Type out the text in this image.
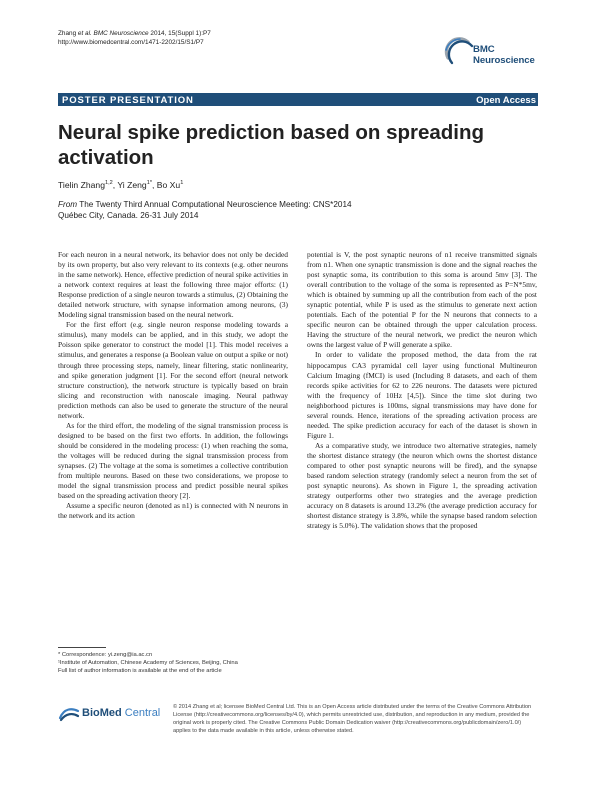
Zhang et al. BMC Neuroscience 2014, 15(Suppl 1):P7
http://www.biomedcentral.com/1471-2202/15/S1/P7
BMC
Neuroscience
POSTER PRESENTATION	Open Access
Neural spike prediction based on spreading activation
Tielin Zhang$^{1,2}$, Yi Zeng$^{1*}$, Bo Xu$^1$
From The Twenty Third Annual Computational Neuroscience Meeting: CNS*2014
Québec City, Canada. 26-31 July 2014

For each neuron in a neural network, its behavior does not only be decided by its own property, but also very relevant to its contexts (e.g. other neurons in the same network). Hence, effective prediction of neural spike activities in a network context requires at least the following three major efforts: (1) Response prediction of a single neuron towards a stimulus, (2) Obtaining the detailed network structure, with synapse information among neurons, (3) Modeling signal transmission based on the neural network.

For the first effort (e.g. single neuron response modeling towards a stimulus), many models can be applied, and in this study, we adopt the Poisson spike generator to construct the model [1]. This model receives a stimulus, and generates a response (a Boolean value on output a spike or not) through three processing steps, namely, linear filtering, static nonlinearity, and spike generation judgment [1]. For the second effort (neural network structure construction), the network structure is typically based on brain slicing and reconstruction with nanoscale imaging. Neural pathway prediction methods can also be used to generate the structure of the neural network.

As for the third effort, the modeling of the signal transmission process is designed to be based on the first two efforts. In addition, the followings should be considered in the modeling process: (1) when reaching the soma, the voltages will be reduced during the signal transmission process from synapses. (2) The voltage at the soma is sometimes a collective contribution from multiple neurons. Based on these two considerations, we propose to model the signal transmission process and predict possible neural spikes based on the spreading activation theory [2].

Assume a specific neuron (denoted as n1) is connected with N neurons in the network and its action

potential is V, the post synaptic neurons of n1 receive transmitted signals from n1. When one synaptic transmission is done and the signal reaches the post synaptic soma, its contribution to this soma is around 5mv [3]. The overall contribution to the voltage of the soma is represented as P=N*5mv, which is obtained by summing up all the contribution from each of the post synaptic potential, while P is used as the stimulus to generate next action potentials. Each of the potential P for the N neurons that connects to a specific neuron can be obtained through the upper calculation process. Having the structure of the neural network, we predict the neuron which owns the largest value of P will generate a spike.

In order to validate the proposed method, the data from the rat hippocampus CA3 pyramidal cell layer using functional Multineuron Calcium Imaging (fMCI) is used (Including 8 datasets, and each of them records spike activities for 62 to 226 neurons. The datasets were pictured with the frequency of 10Hz [4,5]). Since the time slot during two neighborhood pictures is 100ms, signal transmissions may have done for several rounds. Hence, iterations of the spreading activation process are needed. The spike prediction accuracy for each of the dataset is shown in Figure 1.

As a comparative study, we introduce two alternative strategies, namely the shortest distance strategy (the neuron which owns the shortest distance compared to other post synaptic neurons will be fired), and the synapse based random selection strategy (randomly select a neuron from the set of post synaptic neurons). As shown in Figure 1, the spreading activation strategy outperforms other two strategies and the average prediction accuracy on 8 datasets is around 13.2% (the average prediction accuracy for shortest distance strategy is 3.8%, while the synapse based random selection strategy is 5.0%). The validation shows that the proposed

* Correspondence: yi.zeng@ia.ac.cn
¹Institute of Automation, Chinese Academy of Sciences, Beijing, China
Full list of author information is available at the end of the article
BioMed Central © 2014 Zhang et al; licensee BioMed Central Ltd. This is an Open Access article distributed under the terms of the Creative Commons Attribution License (http://creativecommons.org/licenses/by/4.0), which permits unrestricted use, distribution, and reproduction in any medium, provided the original work is properly cited. The Creative Commons Public Domain Dedication waiver (http://creativecommons.org/publicdomain/zero/1.0/) applies to the data made available in this article, unless otherwise stated.
